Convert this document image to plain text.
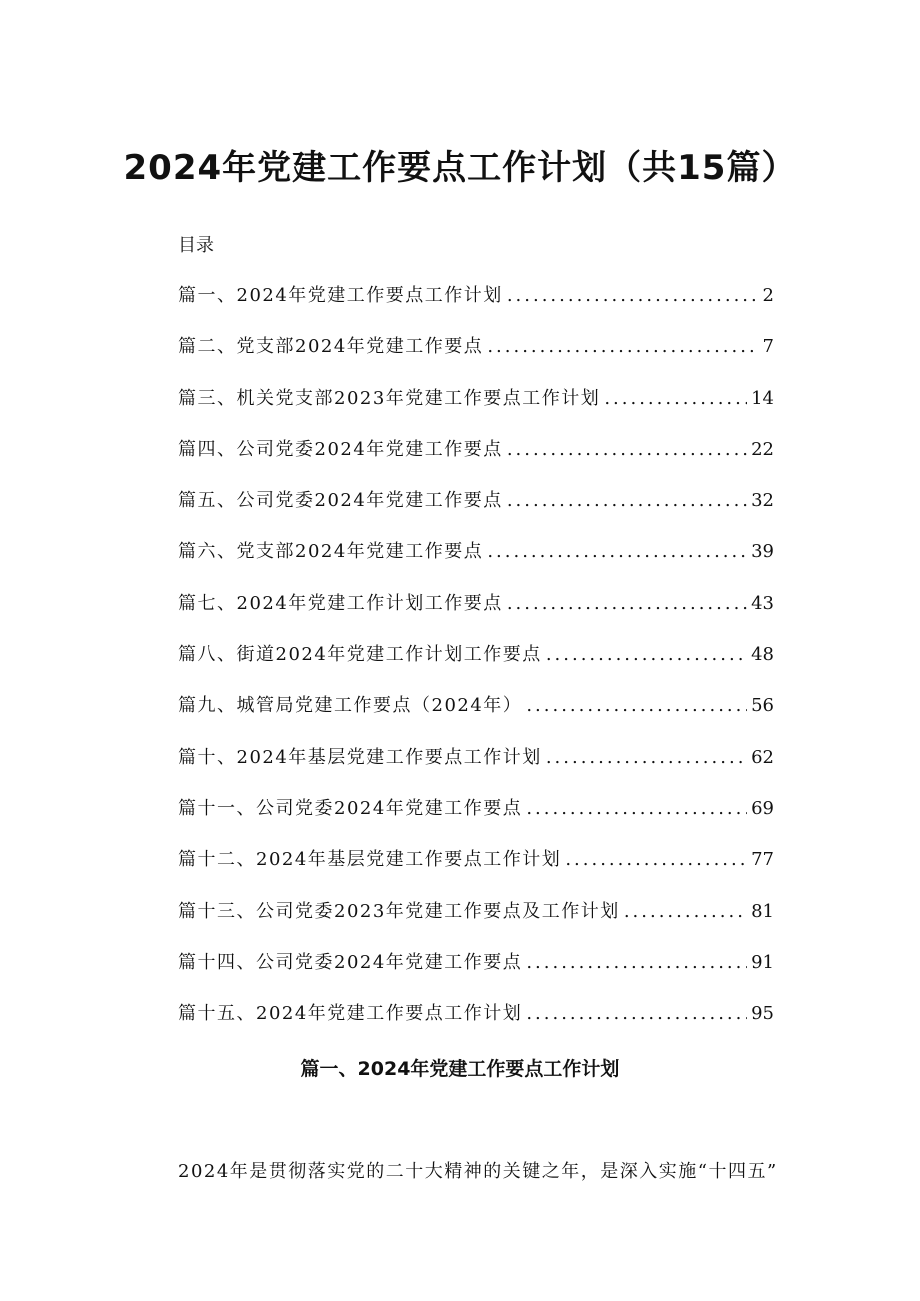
2024年党建工作要点工作计划（共15篇）

目录

篇一、2024年党建工作要点工作计划 .....	2
篇二、党支部2024年党建工作要点 .....	7
篇三、机关党支部2023年党建工作要点工作计划 .....	14
篇四、公司党委2024年党建工作要点 .....	22
篇五、公司党委2024年党建工作要点 .....	32
篇六、党支部2024年党建工作要点 .....	39
篇七、2024年党建工作计划工作要点 .....	43
篇八、街道2024年党建工作计划工作要点 .....	48
篇九、城管局党建工作要点（2024年） .....	56
篇十、2024年基层党建工作要点工作计划 .....	62
篇十一、公司党委2024年党建工作要点 .....	69
篇十二、2024年基层党建工作要点工作计划 .....	77
篇十三、公司党委2023年党建工作要点及工作计划 .....	81
篇十四、公司党委2024年党建工作要点 .....	91
篇十五、2024年党建工作要点工作计划 .....	95
篇一、2024年党建工作要点工作计划

2024年是贯彻落实党的二十大精神的关键之年，是深入实施“十四五”
